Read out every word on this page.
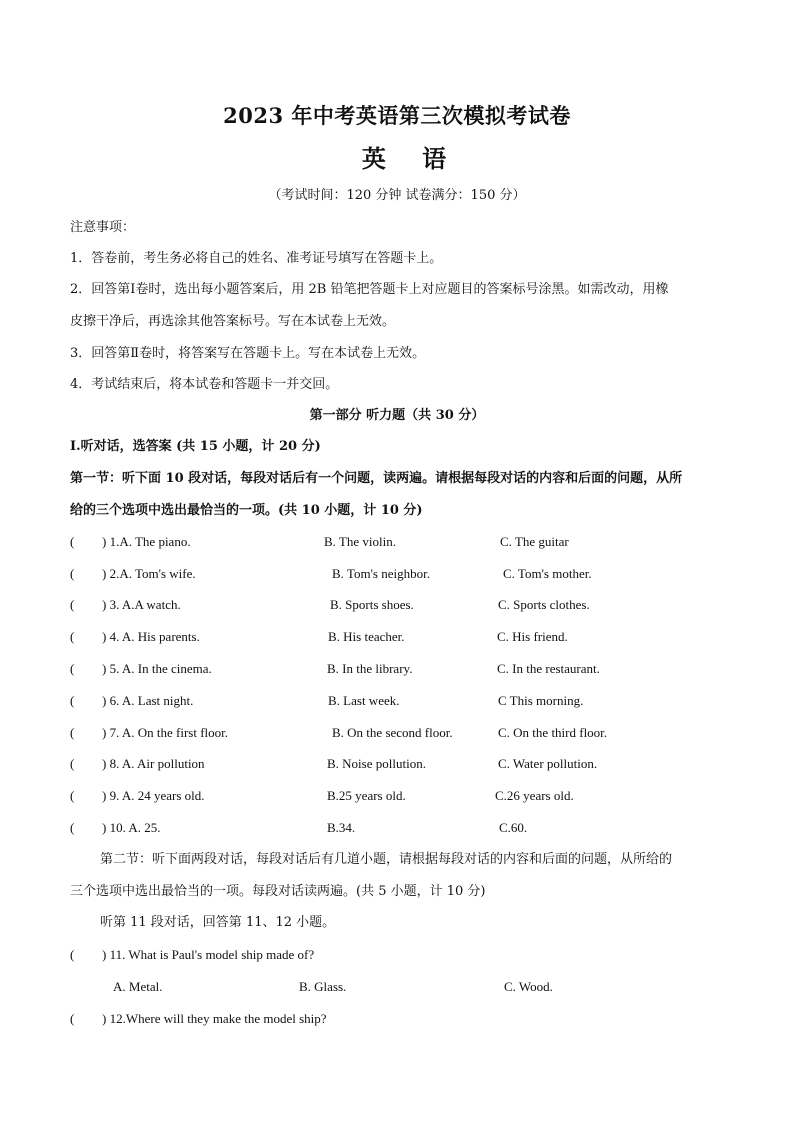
2023 年中考英语第三次模拟考试卷
英 语
（考试时间：120 分钟 试卷满分：150 分）
注意事项：
1．答卷前，考生务必将自己的姓名、准考证号填写在答题卡上。
2．回答第Ⅰ卷时，选出每小题答案后，用 2B 铅笔把答题卡上对应题目的答案标号涂黑。如需改动，用橡
皮擦干净后，再选涂其他答案标号。写在本试卷上无效。
3．回答第Ⅱ卷时，将答案写在答题卡上。写在本试卷上无效。
4．考试结束后，将本试卷和答题卡一并交回。
第一部分 听力题（共 30 分）
Ⅰ.听对话，选答案 (共 15 小题，计 20 分)
第一节：听下面 10 段对话，每段对话后有一个问题，读两遍。请根据每段对话的内容和后面的问题，从所
给的三个选项中选出最恰当的一项。(共 10 小题，计 10 分)
( ) 1.A. The piano.	B. The violin.	C. The guitar
( ) 2.A. Tom's wife.	B. Tom's neighbor.	C. Tom's mother.
( ) 3. A.A watch.	B. Sports shoes.	C. Sports clothes.
( ) 4. A. His parents.	B. His teacher.	C. His friend.
( ) 5. A. In the cinema.	B. In the library.	C. In the restaurant.
( ) 6. A. Last night.	B. Last week.	C This morning.
( ) 7. A. On the first floor.	B. On the second floor.	C. On the third floor.
( ) 8. A. Air pollution	B. Noise pollution.	C. Water pollution.
( ) 9. A. 24 years old.	B.25 years old.	C.26 years old.
( ) 10. A. 25.	B.34.	C.60.
第二节：听下面两段对话，每段对话后有几道小题，请根据每段对话的内容和后面的问题，从所给的
三个选项中选出最恰当的一项。每段对话读两遍。(共 5 小题，计 10 分)
听第 11 段对话，回答第 11、12 小题。
( ) 11. What is Paul's model ship made of?
A. Metal.	B. Glass.	C. Wood.
( ) 12.Where will they make the model ship?
